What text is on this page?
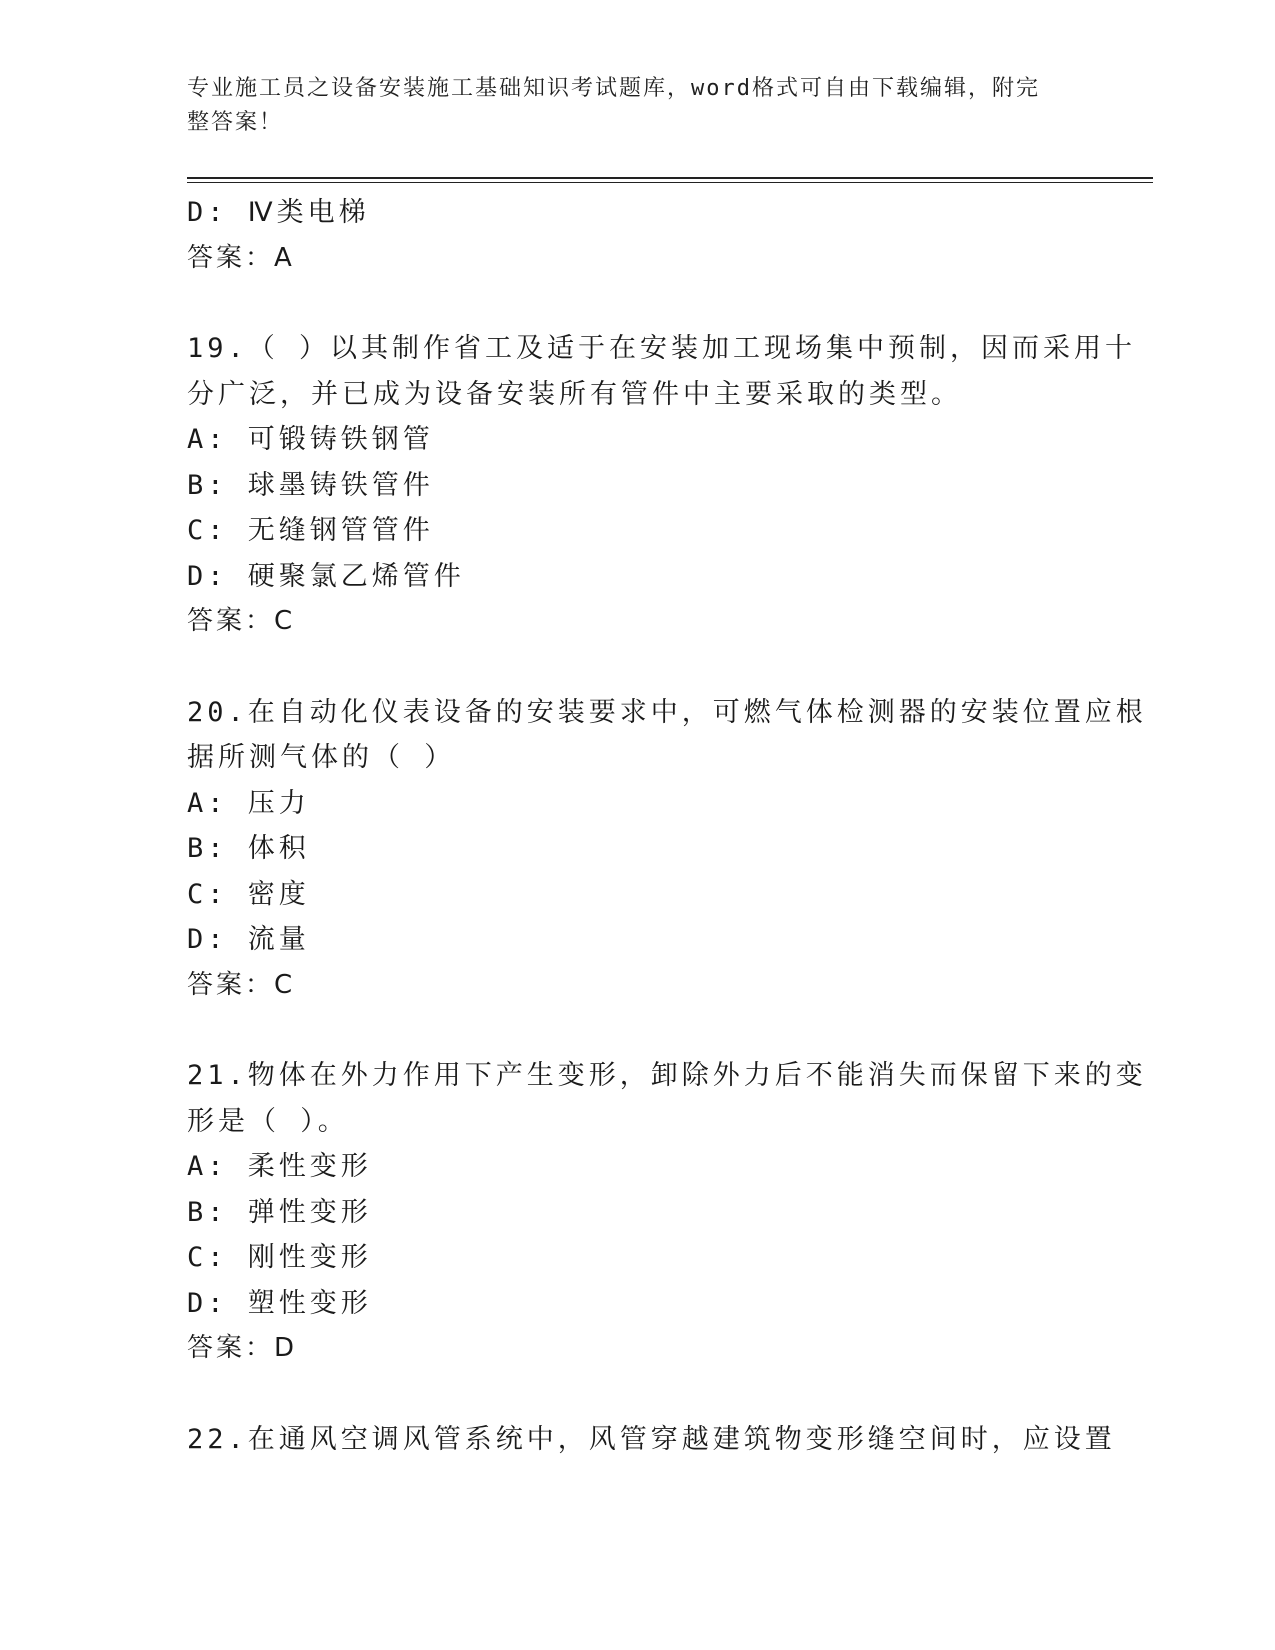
专业施工员之设备安装施工基础知识考试题库，word格式可自由下载编辑，附完
整答案！
D: Ⅳ类电梯
答案：A
19.（ ）以其制作省工及适于在安装加工现场集中预制，因而采用十
分广泛，并已成为设备安装所有管件中主要采取的类型。
A: 可锻铸铁钢管
B: 球墨铸铁管件
C: 无缝钢管管件
D: 硬聚氯乙烯管件
答案：C
20.在自动化仪表设备的安装要求中，可燃气体检测器的安装位置应根
据所测气体的（ ）
A: 压力
B: 体积
C: 密度
D: 流量
答案：C
21.物体在外力作用下产生变形，卸除外力后不能消失而保留下来的变
形是（ ）。
A: 柔性变形
B: 弹性变形
C: 刚性变形
D: 塑性变形
答案：D
22.在通风空调风管系统中，风管穿越建筑物变形缝空间时，应设置
